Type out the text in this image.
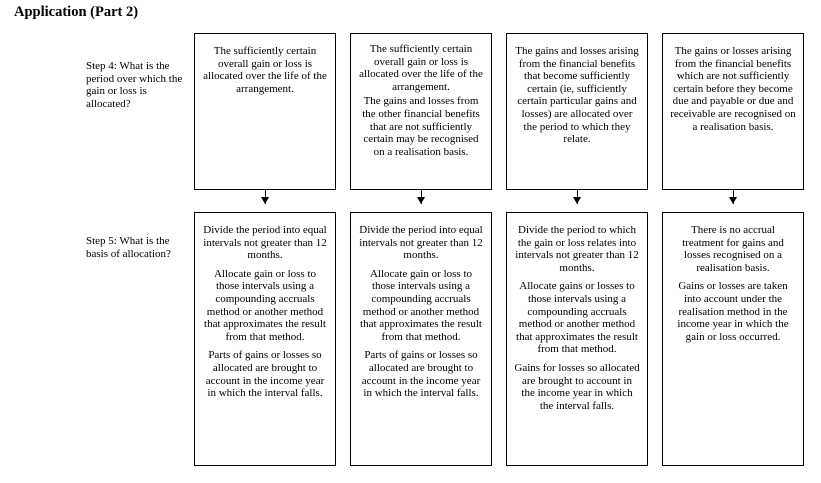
Application (Part 2)
Step 4: What is the period over which the gain or loss is allocated?
Step 5: What is the basis of allocation?

The sufficiently certain overall gain or loss is allocated over the life of the arrangement.

The sufficiently certain overall gain or loss is allocated over the life of the arrangement.

The gains and losses from the other financial benefits that are not sufficiently certain may be recognised on a realisation basis.

The gains and losses arising from the financial benefits that become sufficiently certain (ie, sufficiently certain particular gains and losses) are allocated over the period to which they relate.

The gains or losses arising from the financial benefits which are not sufficiently certain before they become due and payable or due and receivable are recognised on a realisation basis.

Divide the period into equal intervals not greater than 12 months.

Allocate gain or loss to those intervals using a compounding accruals method or another method that approximates the result from that method.

Parts of gains or losses so allocated are brought to account in the income year in which the interval falls.

Divide the period into equal intervals not greater than 12 months.

Allocate gain or loss to those intervals using a compounding accruals method or another method that approximates the result from that method.

Parts of gains or losses so allocated are brought to account in the income year in which the interval falls.

Divide the period to which the gain or loss relates into intervals not greater than 12 months.

Allocate gains or losses to those intervals using a compounding accruals method or another method that approximates the result from that method.

Gains for losses so allocated are brought to account in the income year in which the interval falls.

There is no accrual treatment for gains and losses recognised on a realisation basis.

Gains or losses are taken into account under the realisation method in the income year in which the gain or loss occurred.
